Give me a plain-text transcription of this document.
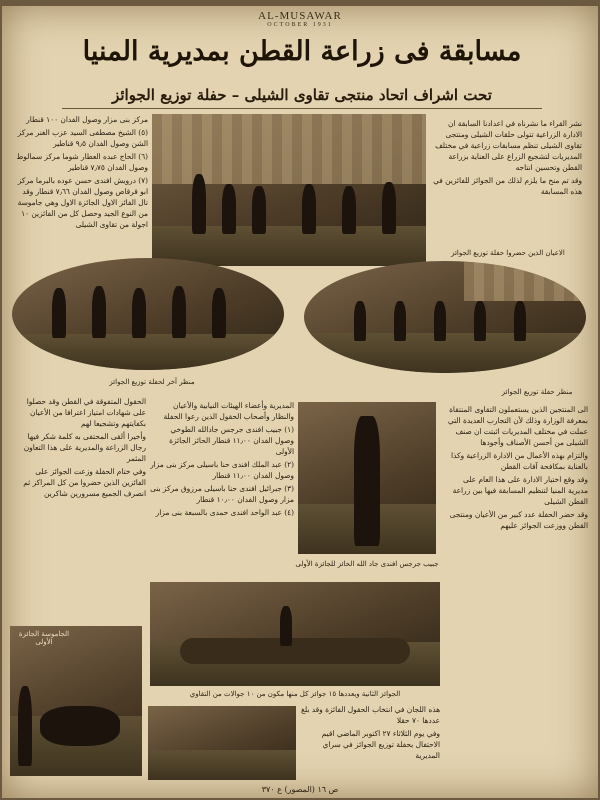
AL-MUSAWAR
OCTOBER 1931
مسابقة فى زراعة القطن بمديرية المنيا
تحت اشراف اتحاد منتجى تقاوى الشيلى – حفلة توزيع الجوائز

مركز بنى مزار وصول الفدان ١٠٠ قنطار

(٥) الشيخ مصطفى السيد عزب الغنر مركز الشن وصول الفدان ٩٫٥ قناطير

(٦) الحاج عبده العطار شوما مركز سمالوط وصول الفدان ٧٫٧٥ قناطير

(٧) درويش افندى حسن عوده بالبرما مركز ابو قرقاص وصول الفدان ٧٫٦٦ قنطار وقد تال الفائز الاول الجائزة الاول وهي جاموسة من النوع الجيد وحصل كل من الفائزين ١٠ اجولة من تقاوى الشيلى

نشر القراء ما نشرناه في اعدادنا السابقة ان الادارة الزراعية تتولى حلقات الشيلى ومنتجى تقاوى الشيلى تنظم مسابقات زراعية في مختلف المديريات لتشجيع الزراع على العناية بزراعة القطن وتحسين انتاجه

وقد تم منح ما يلزم لذلك من الجوائز للفائزين في هذه المسابقة

الاعيان الذين حضروا حفلة توزيع الجوائز
منظر آخر لحفلة توزيع الجوائز
منظر حفلة توزيع الجوائز

المديرية وأعضاء الهيئات النيابية والأعيان والنظار وأصحاب الحقول الذين رعوا الحفلة

(١) جبيب افندى جرجس جادالله الطوخي وصول الفدان ١١٫٠٠ قنطار الحائز الجائزة الأولى

(٢) عبد الملك افندى حنا باسيلى مركز بنى مزار وصول الفدان ١١٫٠٠ قنطار

(٣) جبرائيل افندى حنا باسيلى مرزوق مركز بنى مزار وصول الفدان ١٠٫٠٠ قنطار

(٤) عبد الواحد افندى حمدى بالسبعة بنى مزار

الحقول المتفوقة في القطن وقد حصلوا على شهادات امتياز اعترافا من الأعيان بكفايتهم وتشجيعا لهم

وأخيرا ألقى المحتفى به كلمة شكر فيها رجال الزراعة والمديرية على هذا التعاون المثمر

وفي ختام الحفلة وزعت الجوائز على الفائزين الذين حضروا من كل المراكز ثم انصرف الجميع مسرورين شاكرين

جبيب جرجس افندى جاد الله الحائز للجائزة الأولى

الى المنتجين الذين يستعملون التقاوى المنتقاة بمعرفة الوزارة وذلك لأن التجارب العديدة التي عملت في مختلف المديريات اثبتت ان صنف الشيلى من أحسن الأصناف وأجودها

والتزام بهذه الأعمال من الادارة الزراعية وكذا بالعناية بمكافحة آفات القطن

وقد وقع اختيار الادارة على هذا العام على مديرية المنيا لتنظيم المسابقة فيها بين زراعة القطن الشيلى

وقد حضر الحفلة عدد كبير من الأعيان ومنتجى القطن ووزعت الجوائز عليهم

الجوائز الثانية ويعددها ١٥ جوائز كل منها مكون من ١٠ جوالات من التقاوي
الجاموسة الجائزة الأولى

هذه اللجان في انتخاب الحقول الفائزة وقد بلغ عددها ٧٠ حقلا

وفي يوم الثلاثاء ٢٧ اكتوبر الماضي اقيم الاحتفال بحفلة توزيع الجوائز في سراي المديرية

ص ١٦ (المصور) ع ٣٧٠
